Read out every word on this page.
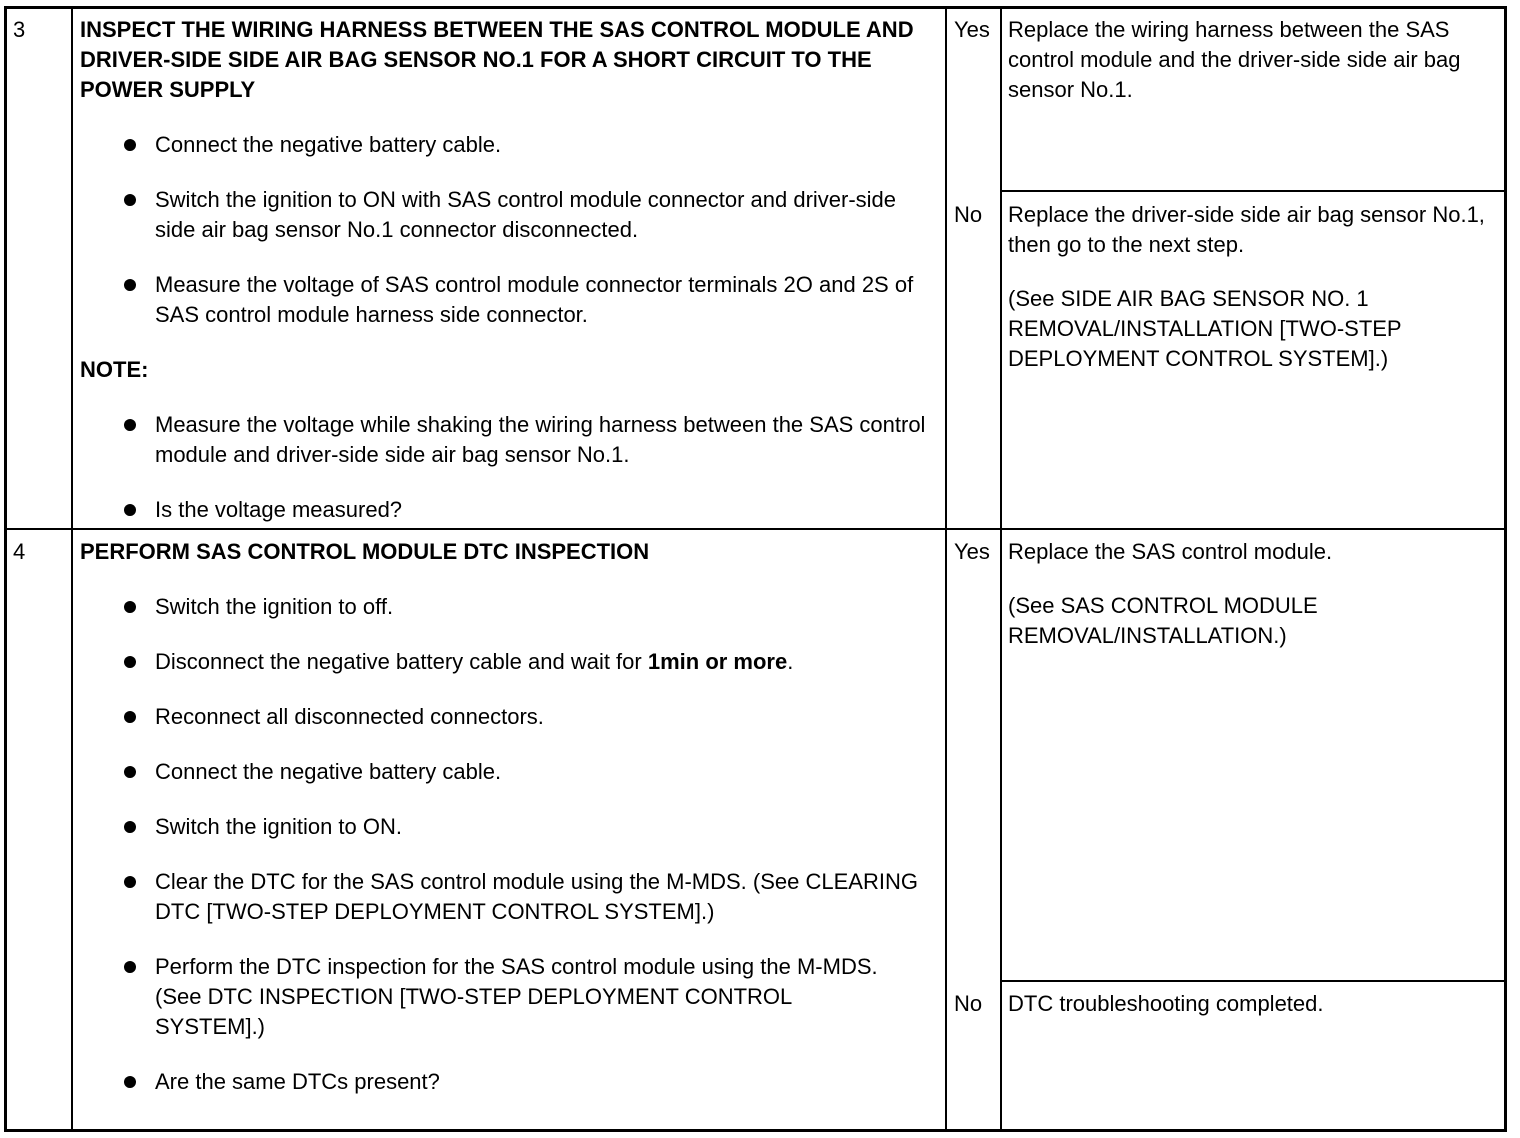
3 INSPECT THE WIRING HARNESS BETWEEN THE SAS CONTROL MODULE AND DRIVER-SIDE SIDE AIR BAG SENSOR NO.1 FOR A SHORT CIRCUIT TO THE POWER SUPPLY
Connect the negative battery cable.
Switch the ignition to ON with SAS control module connector and driver-side side air bag sensor No.1 connector disconnected.
Measure the voltage of SAS control module connector terminals 2O and 2S of SAS control module harness side connector.
NOTE:
Measure the voltage while shaking the wiring harness between the SAS control module and driver-side side air bag sensor No.1.
Is the voltage measured?
Yes Replace the wiring harness between the SAS control module and the driver-side side air bag sensor No.1.

No Replace the driver-side side air bag sensor No.1, then go to the next step.

(See SIDE AIR BAG SENSOR NO. 1 REMOVAL/INSTALLATION [TWO-STEP DEPLOYMENT CONTROL SYSTEM].)

4 PERFORM SAS CONTROL MODULE DTC INSPECTION
Switch the ignition to off.
Disconnect the negative battery cable and wait for 1min or more.
Reconnect all disconnected connectors.
Connect the negative battery cable.
Switch the ignition to ON.
Clear the DTC for the SAS control module using the M-MDS. (See CLEARING DTC [TWO-STEP DEPLOYMENT CONTROL SYSTEM].)
Perform the DTC inspection for the SAS control module using the M-MDS. (See DTC INSPECTION [TWO-STEP DEPLOYMENT CONTROL SYSTEM].)
Are the same DTCs present?
Yes Replace the SAS control module.

(See SAS CONTROL MODULE REMOVAL/INSTALLATION.)

No DTC troubleshooting completed.
